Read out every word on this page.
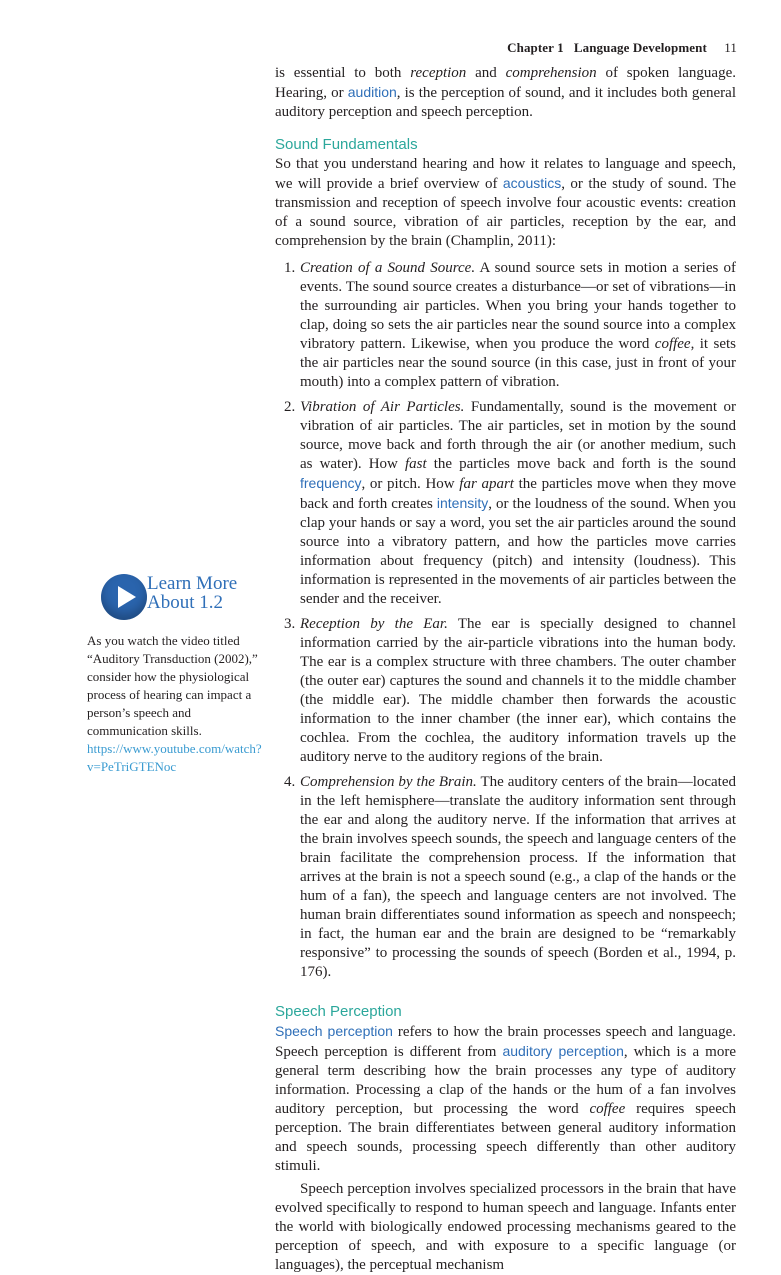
Chapter 1 Language Development 11

is essential to both reception and comprehension of spoken language. Hearing, or audition, is the perception of sound, and it includes both general auditory perception and speech perception.

Sound Fundamentals

So that you understand hearing and how it relates to language and speech, we will provide a brief overview of acoustics, or the study of sound. The transmission and reception of speech involve four acoustic events: creation of a sound source, vibration of air particles, reception by the ear, and comprehension by the brain (Champlin, 2011):

1. Creation of a Sound Source. A sound source sets in motion a series of events. The sound source creates a disturbance—or set of vibrations—in the surrounding air particles. When you bring your hands together to clap, doing so sets the air particles near the sound source into a complex vibratory pattern. Likewise, when you produce the word coffee, it sets the air particles near the sound source (in this case, just in front of your mouth) into a complex pattern of vibration.
2. Vibration of Air Particles. Fundamentally, sound is the movement or vibration of air particles. The air particles, set in motion by the sound source, move back and forth through the air (or another medium, such as water). How fast the particles move back and forth is the sound frequency, or pitch. How far apart the particles move when they move back and forth creates intensity, or the loudness of the sound. When you clap your hands or say a word, you set the air particles around the sound source into a vibratory pattern, and how the particles move carries information about frequency (pitch) and intensity (loudness). This information is represented in the movements of air particles between the sender and the receiver.
3. Reception by the Ear. The ear is specially designed to channel information carried by the air-particle vibrations into the human body. The ear is a complex structure with three chambers. The outer chamber (the outer ear) captures the sound and channels it to the middle chamber (the middle ear). The middle chamber then forwards the acoustic information to the inner chamber (the inner ear), which contains the cochlea. From the cochlea, the auditory information travels up the auditory nerve to the auditory regions of the brain.
4. Comprehension by the Brain. The auditory centers of the brain—located in the left hemisphere—translate the auditory information sent through the ear and along the auditory nerve. If the information that arrives at the brain involves speech sounds, the speech and language centers of the brain facilitate the comprehension process. If the information that arrives at the brain is not a speech sound (e.g., a clap of the hands or the hum of a fan), the speech and language centers are not involved. The human brain differentiates sound information as speech and nonspeech; in fact, the human ear and the brain are designed to be “remarkably responsive” to processing the sounds of speech (Borden et al., 1994, p. 176).
Speech Perception

Speech perception refers to how the brain processes speech and language. Speech perception is different from auditory perception, which is a more general term describing how the brain processes any type of auditory information. Processing a clap of the hands or the hum of a fan involves auditory perception, but processing the word coffee requires speech perception. The brain differentiates between general auditory information and speech sounds, processing speech differently than other auditory stimuli.

Speech perception involves specialized processors in the brain that have evolved specifically to respond to human speech and language. Infants enter the world with biologically endowed processing mechanisms geared to the perception of speech, and with exposure to a specific language (or languages), the perceptual mechanism

Learn More
About 1.2

As you watch the video titled “Auditory Transduction (2002),” consider how the physiological process of hearing can impact a person’s speech and communication skills. https://www.youtube.com/watch?v=PeTriGTENoc
